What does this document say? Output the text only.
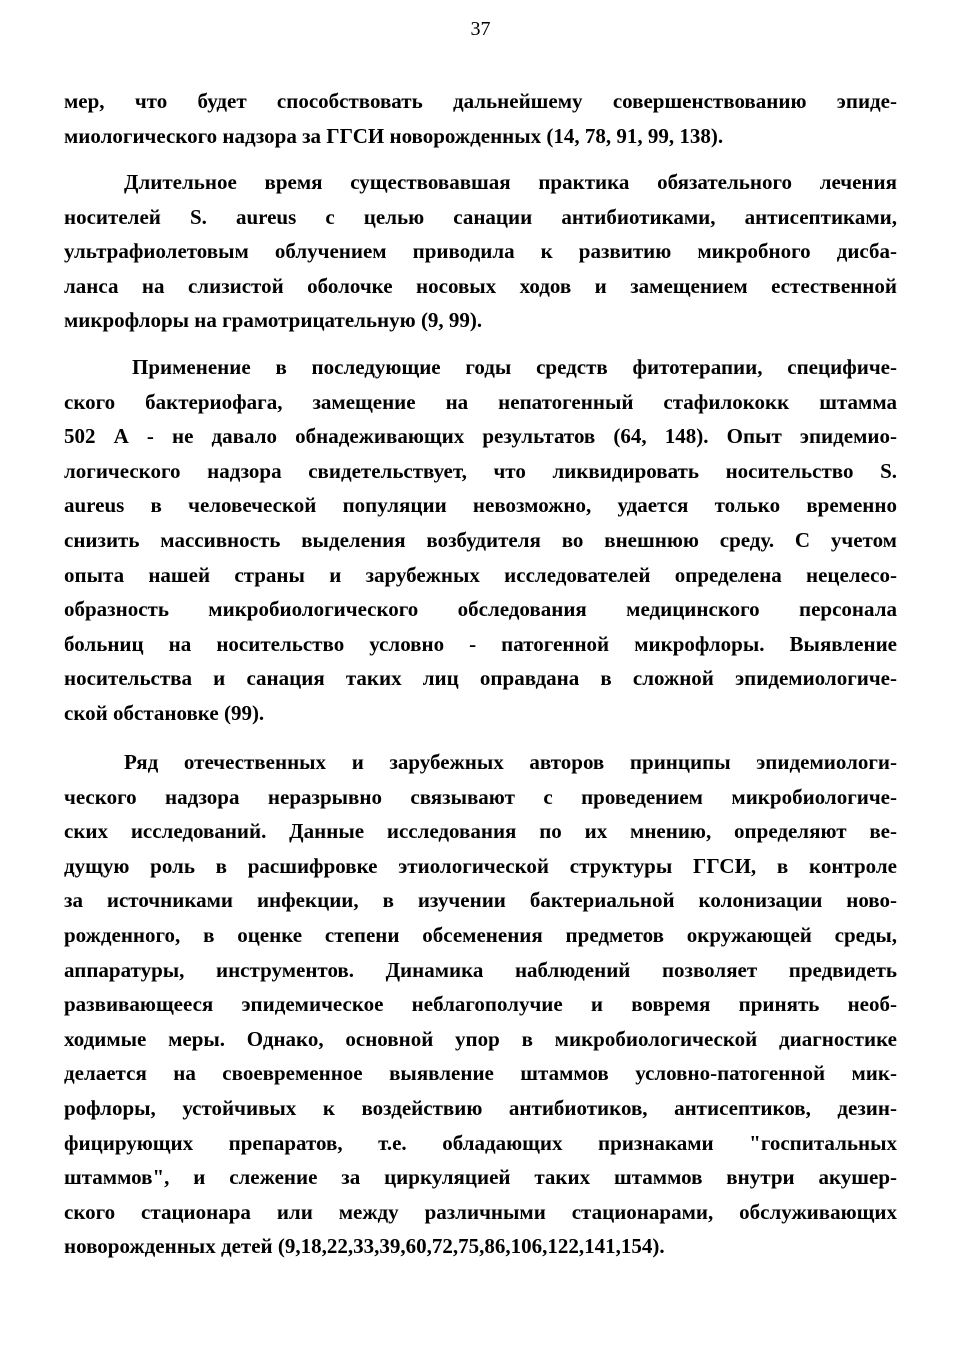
37
мер, что будет способствовать дальнейшему совершенствованию эпиде-
миологического надзора за ГГСИ новорожденных (14, 78, 91, 99, 138).
Длительное время существовавшая практика обязательного лечения
носителей S. aureus с целью санации антибиотиками, антисептиками,
ультрафиолетовым облучением приводила к развитию микробного дисба-
ланса на слизистой оболочке носовых ходов и замещением естественной
микрофлоры на грамотрицательную (9, 99).
Применение в последующие годы средств фитотерапии, специфиче-
ского бактериофага, замещение на непатогенный стафилококк штамма
502 А - не давало обнадеживающих результатов (64, 148). Опыт эпидемио-
логического надзора свидетельствует, что ликвидировать носительство S.
aureus в человеческой популяции невозможно, удается только временно
снизить массивность выделения возбудителя во внешнюю среду. С учетом
опыта нашей страны и зарубежных исследователей определена нецелесо-
образность микробиологического обследования медицинского персонала
больниц на носительство условно - патогенной микрофлоры. Выявление
носительства и санация таких лиц оправдана в сложной эпидемиологиче-
ской обстановке (99).
Ряд отечественных и зарубежных авторов принципы эпидемиологи-
ческого надзора неразрывно связывают с проведением микробиологиче-
ских исследований. Данные исследования по их мнению, определяют ве-
дущую роль в расшифровке этиологической структуры ГГСИ, в контроле
за источниками инфекции, в изучении бактериальной колонизации ново-
рожденного, в оценке степени обсеменения предметов окружающей среды,
аппаратуры, инструментов. Динамика наблюдений позволяет предвидеть
развивающееся эпидемическое неблагополучие и вовремя принять необ-
ходимые меры. Однако, основной упор в микробиологической диагностике
делается на своевременное выявление штаммов условно-патогенной мик-
рофлоры, устойчивых к воздействию антибиотиков, антисептиков, дезин-
фицирующих препаратов, т.е. обладающих признаками "госпитальных
штаммов", и слежение за циркуляцией таких штаммов внутри акушер-
ского стационара или между различными стационарами, обслуживающих
новорожденных детей (9,18,22,33,39,60,72,75,86,106,122,141,154).
